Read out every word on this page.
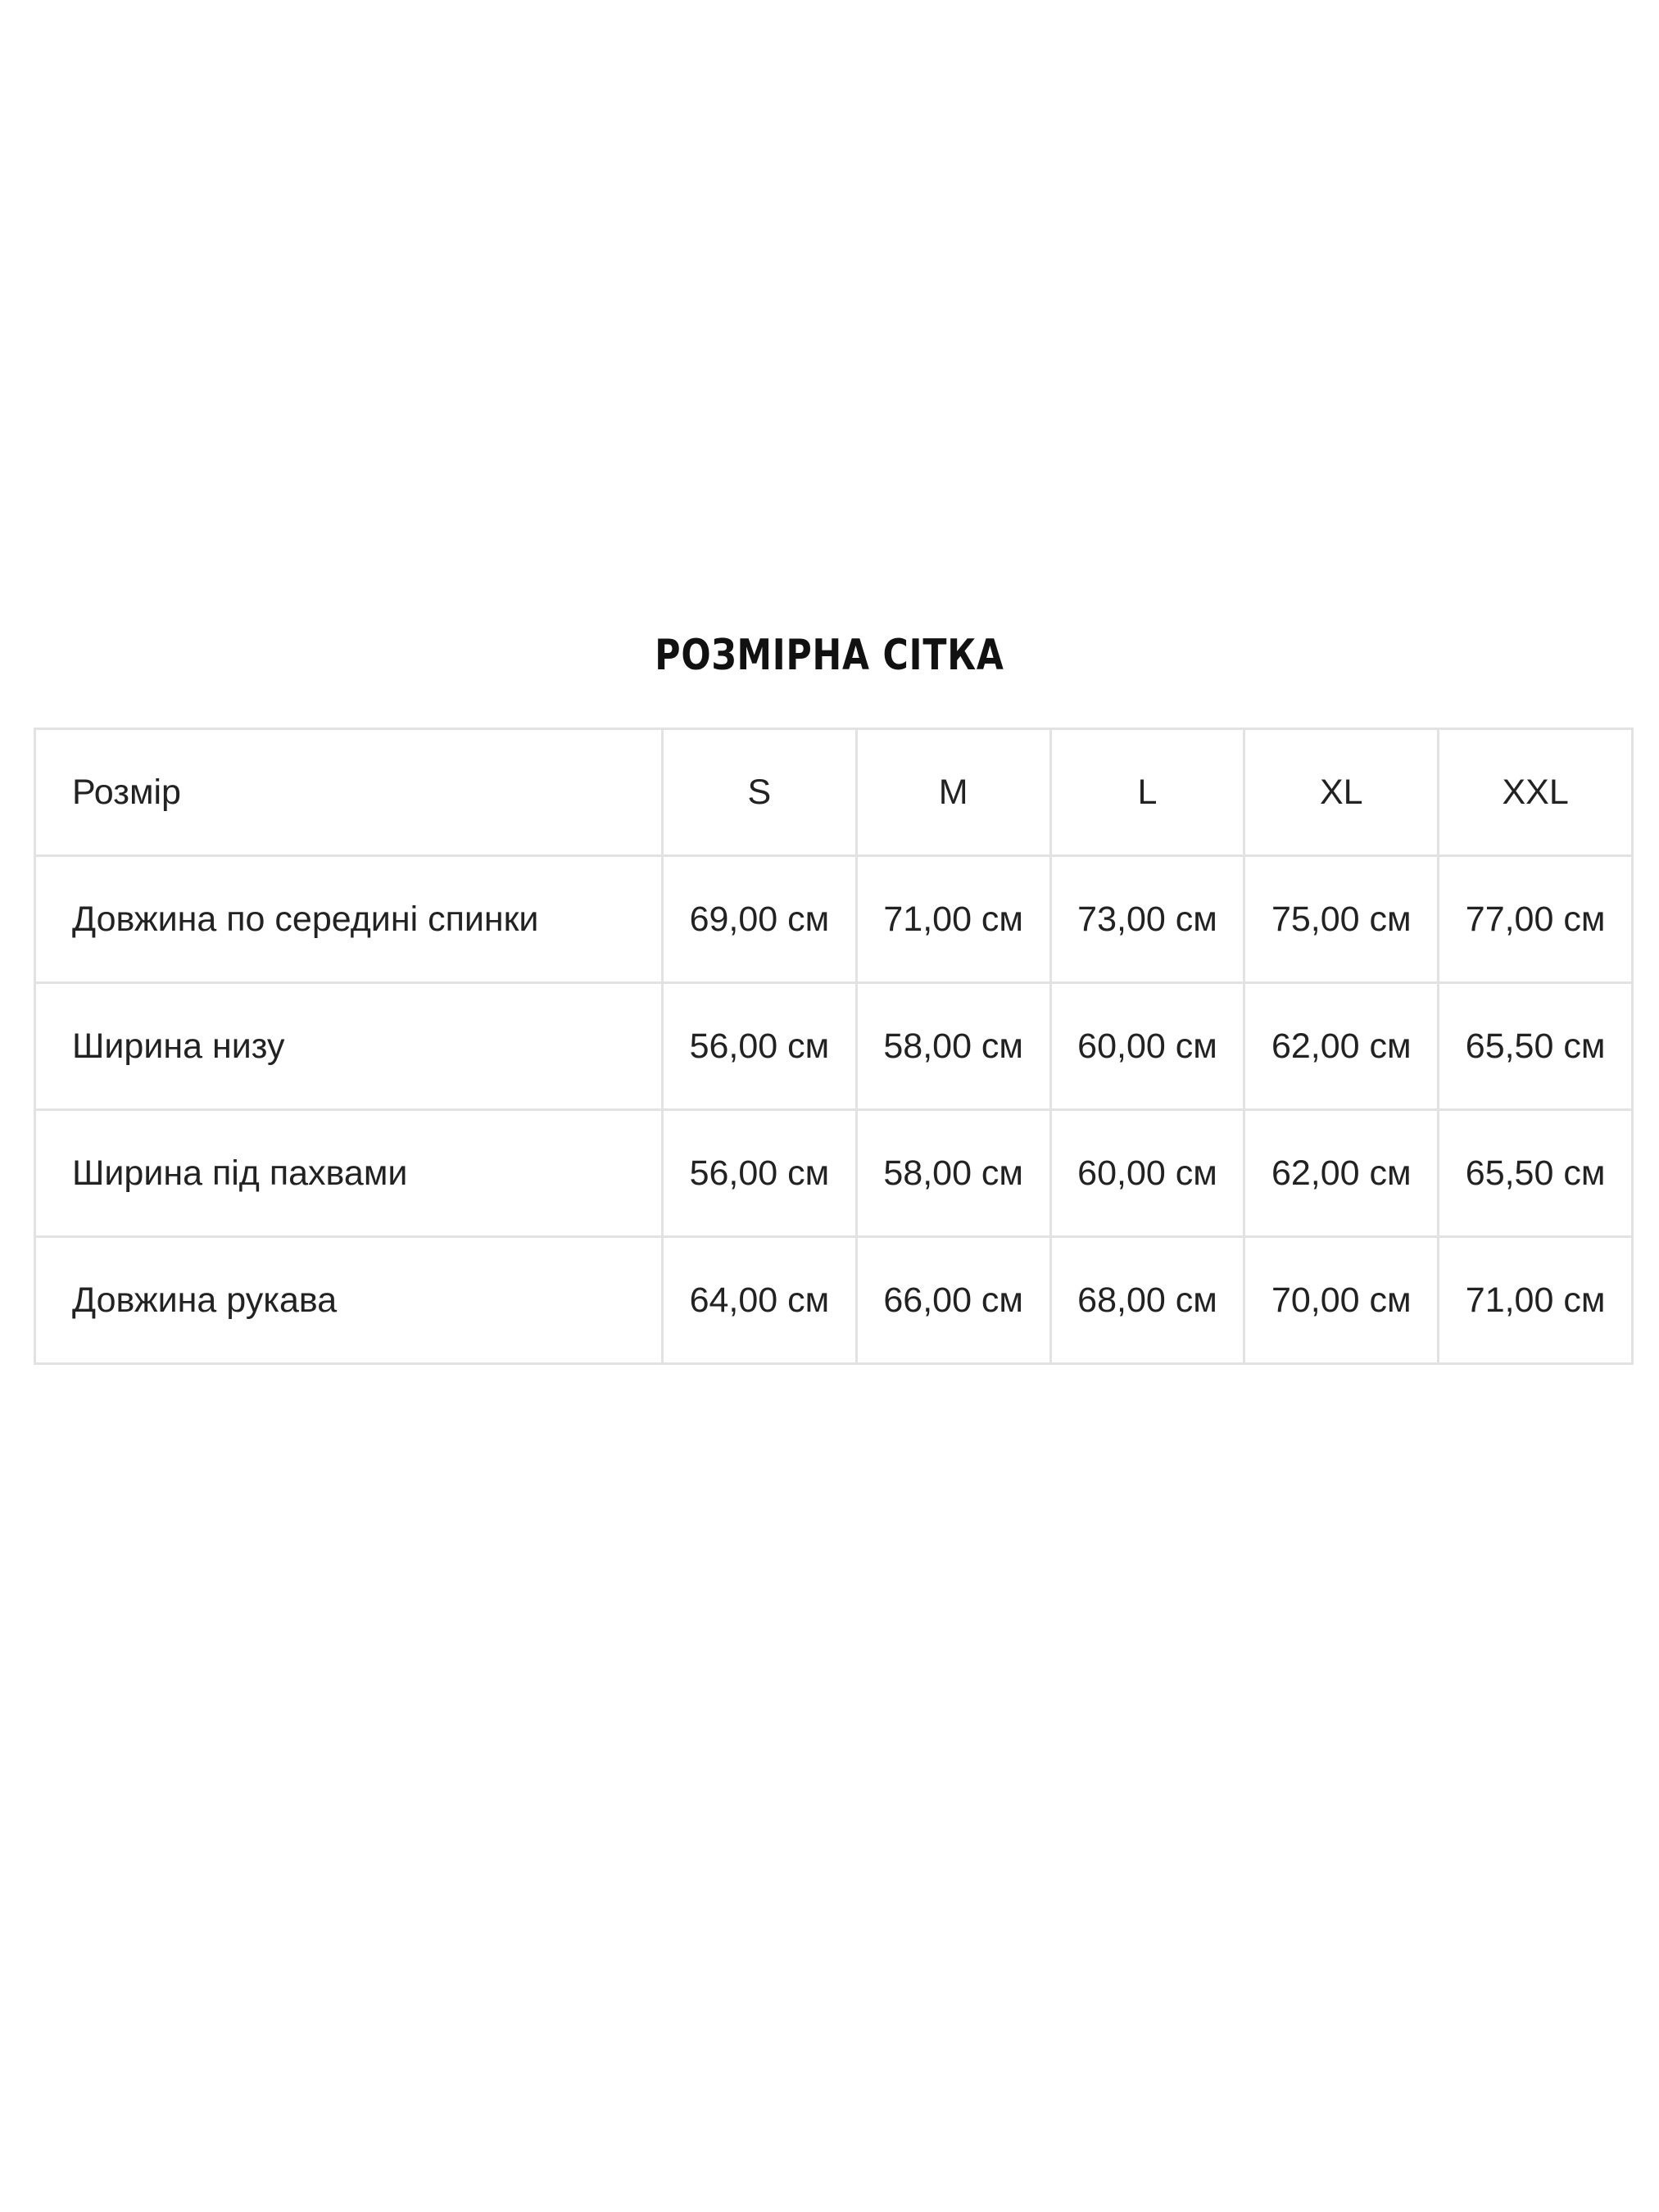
РОЗМІРНА СІТКА
Розмір	S	M	L	XL	XXL
Довжина по середині спинки	69,00 см	71,00 см	73,00 см	75,00 см	77,00 см
Ширина низу	56,00 см	58,00 см	60,00 см	62,00 см	65,50 см
Ширина під пахвами	56,00 см	58,00 см	60,00 см	62,00 см	65,50 см
Довжина рукава	64,00 см	66,00 см	68,00 см	70,00 см	71,00 см
